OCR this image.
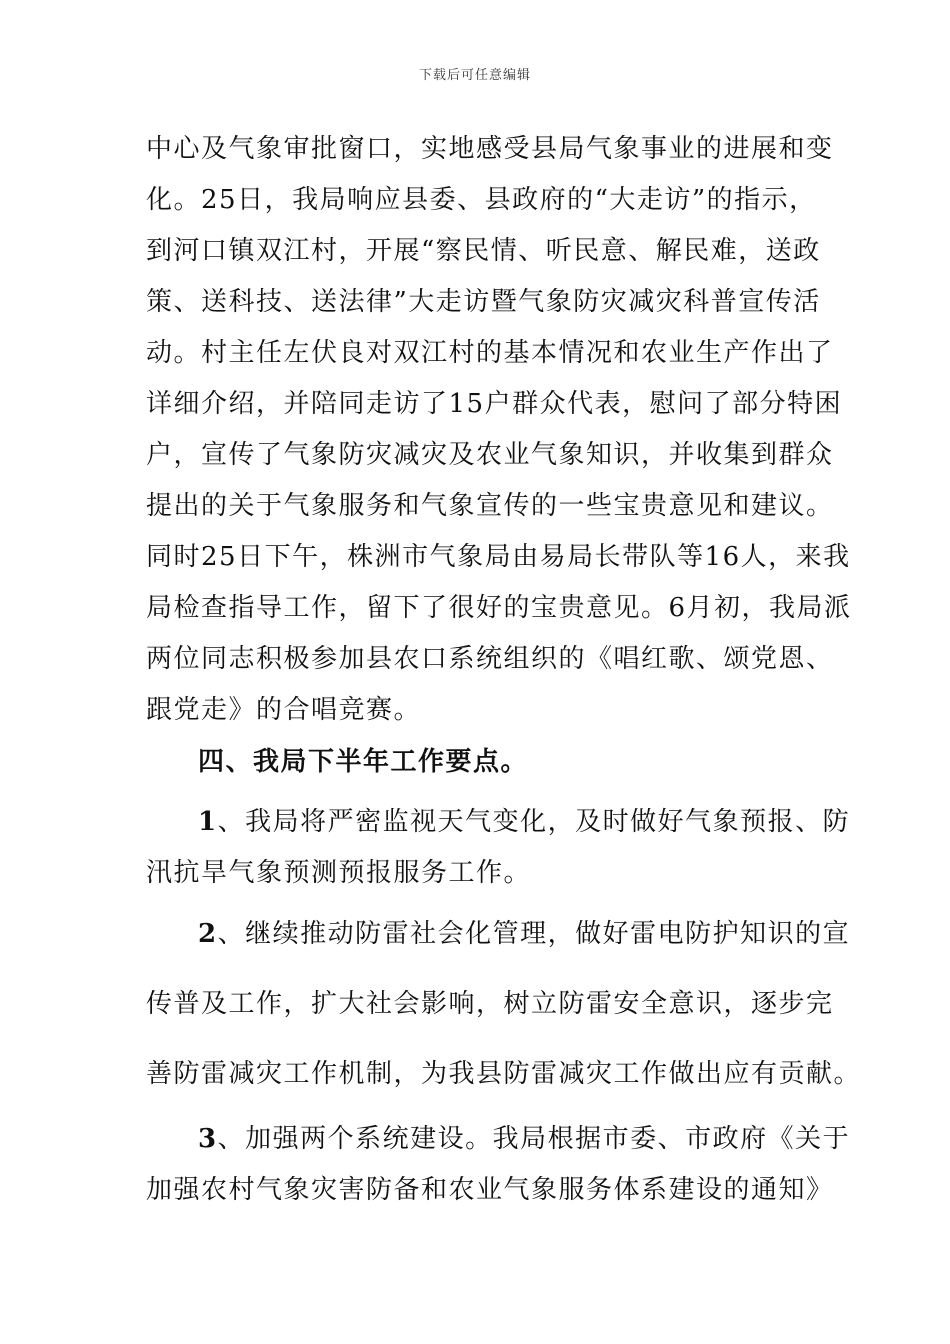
下载后可任意编辑
中心及气象审批窗口，实地感受县局气象事业的进展和变
化。25日，我局响应县委、县政府的“大走访”的指示，
到河口镇双江村，开展“察民情、听民意、解民难，送政
策、送科技、送法律”大走访暨气象防灾减灾科普宣传活
动。村主任左伏良对双江村的基本情况和农业生产作出了
详细介绍，并陪同走访了15户群众代表，慰问了部分特困
户，宣传了气象防灾减灾及农业气象知识，并收集到群众
提出的关于气象服务和气象宣传的一些宝贵意见和建议。
同时25日下午，株洲市气象局由易局长带队等16人，来我
局检查指导工作，留下了很好的宝贵意见。6月初，我局派
两位同志积极参加县农口系统组织的《唱红歌、颂党恩、
跟党走》的合唱竞赛。
四、我局下半年工作要点。
1、我局将严密监视天气变化，及时做好气象预报、防
汛抗旱气象预测预报服务工作。
2、继续推动防雷社会化管理，做好雷电防护知识的宣
传普及工作，扩大社会影响，树立防雷安全意识，逐步完
善防雷减灾工作机制，为我县防雷减灾工作做出应有贡献。
3、加强两个系统建设。我局根据市委、市政府《关于
加强农村气象灾害防备和农业气象服务体系建设的通知》
